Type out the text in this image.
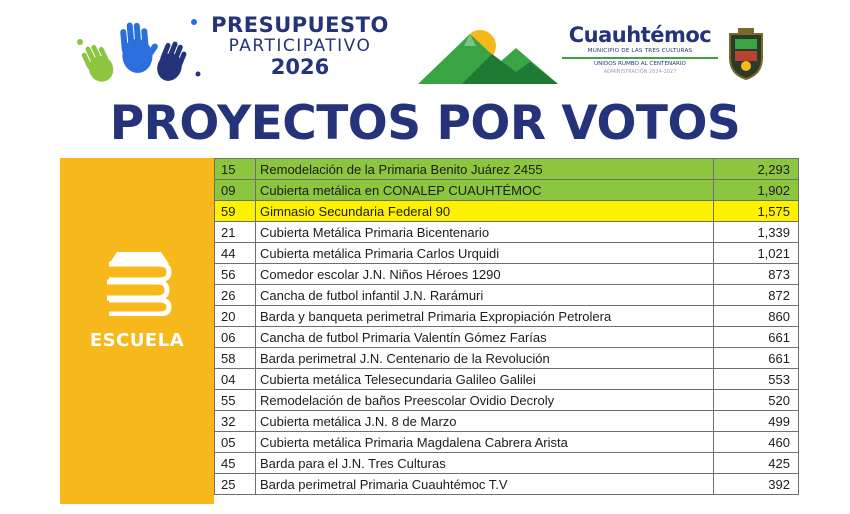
PRESUPUESTO
PARTICIPATIVO
2026
Cuauhtémoc
MUNICIPIO DE LAS TRES CULTURAS
UNIDOS RUMBO AL CENTENARIO
ADMINISTRACIÓN 2024-2027
PROYECTOS POR VOTOS
ESCUELA
15	Remodelación de la Primaria Benito Juárez 2455	2,293
09	Cubierta metálica en CONALEP CUAUHTÉMOC	1,902
59	Gimnasio Secundaria Federal 90	1,575
21	Cubierta Metálica Primaria Bicentenario	1,339
44	Cubierta metálica Primaria Carlos Urquidi	1,021
56	Comedor escolar J.N. Niños Héroes 1290	873
26	Cancha de futbol infantil J.N. Rarámuri	872
20	Barda y banqueta perimetral Primaria Expropiación Petrolera	860
06	Cancha de futbol Primaria Valentín Gómez Farías	661
58	Barda perimetral J.N. Centenario de la Revolución	661
04	Cubierta metálica Telesecundaria Galileo Galilei	553
55	Remodelación de baños Preescolar Ovidio Decroly	520
32	Cubierta metálica J.N. 8 de Marzo	499
05	Cubierta metálica Primaria Magdalena Cabrera Arista	460
45	Barda para el J.N. Tres Culturas	425
25	Barda perimetral Primaria Cuauhtémoc T.V	392
